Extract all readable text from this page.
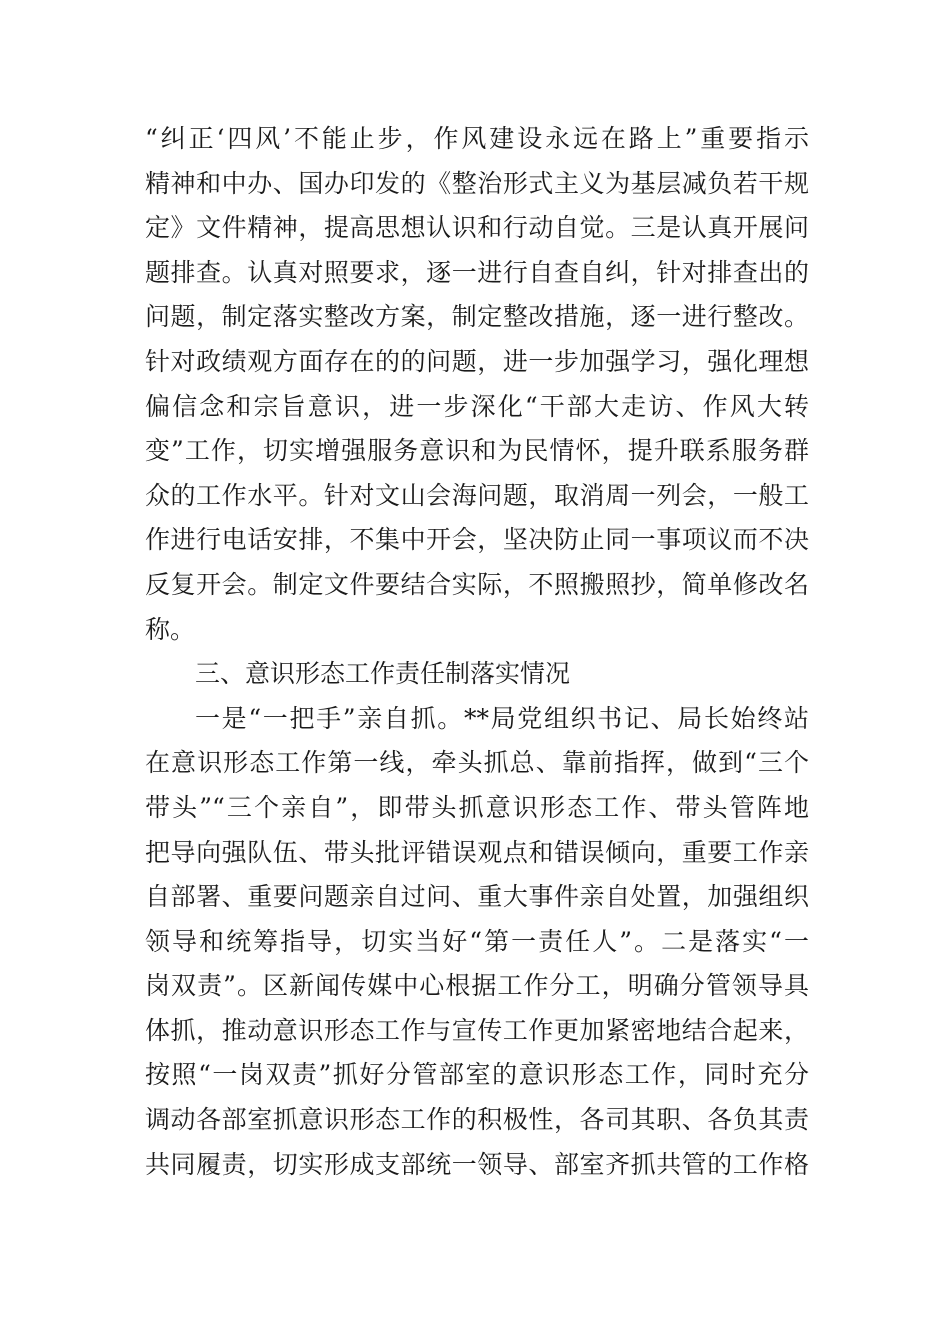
“纠正‘四风’不能止步，作风建设永远在路上”重要指示
精神和中办、国办印发的《整治形式主义为基层减负若干规
定》文件精神，提高思想认识和行动自觉。三是认真开展问
题排查。认真对照要求，逐一进行自查自纠，针对排查出的
问题，制定落实整改方案，制定整改措施，逐一进行整改。
针对政绩观方面存在的的问题，进一步加强学习，强化理想
偏信念和宗旨意识，进一步深化“干部大走访、作风大转
变”工作，切实增强服务意识和为民情怀，提升联系服务群
众的工作水平。针对文山会海问题，取消周一列会，一般工
作进行电话安排，不集中开会，坚决防止同一事项议而不决
反复开会。制定文件要结合实际，不照搬照抄，简单修改名
称。
三、意识形态工作责任制落实情况
一是“一把手”亲自抓。**局党组织书记、局长始终站
在意识形态工作第一线，牵头抓总、靠前指挥，做到“三个
带头”“三个亲自”，即带头抓意识形态工作、带头管阵地
把导向强队伍、带头批评错误观点和错误倾向，重要工作亲
自部署、重要问题亲自过问、重大事件亲自处置，加强组织
领导和统筹指导，切实当好“第一责任人”。二是落实“一
岗双责”。区新闻传媒中心根据工作分工，明确分管领导具
体抓，推动意识形态工作与宣传工作更加紧密地结合起来，
按照“一岗双责”抓好分管部室的意识形态工作，同时充分
调动各部室抓意识形态工作的积极性，各司其职、各负其责
共同履责，切实形成支部统一领导、部室齐抓共管的工作格
